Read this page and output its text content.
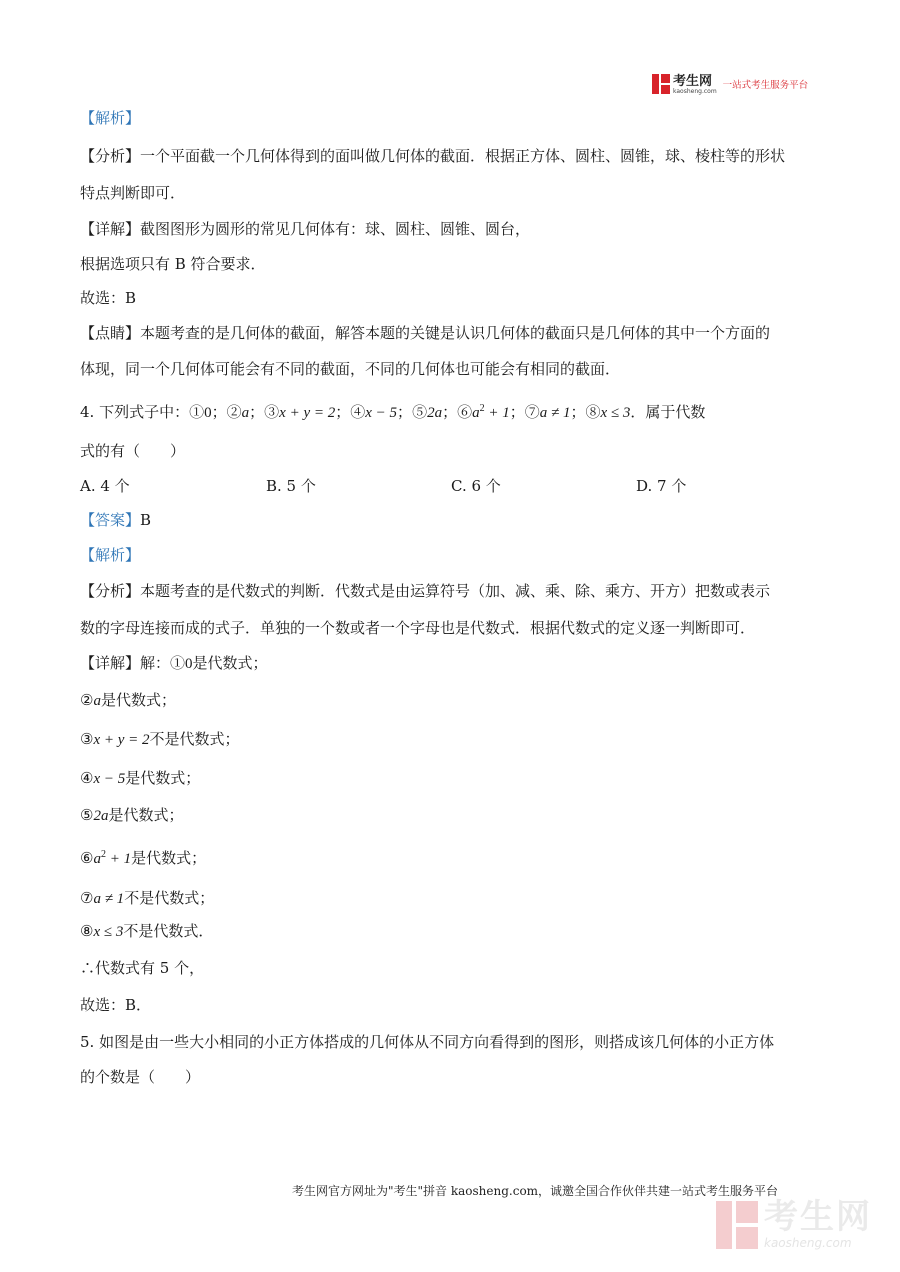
考生网
kaosheng.com
一站式考生服务平台
【解析】
【分析】一个平面截一个几何体得到的面叫做几何体的截面．根据正方体、圆柱、圆锥，球、棱柱等的形状
特点判断即可．
【详解】截图图形为圆形的常见几何体有：球、圆柱、圆锥、圆台，
根据选项只有 B 符合要求．
故选：B
【点睛】本题考查的是几何体的截面，解答本题的关键是认识几何体的截面只是几何体的其中一个方面的
体现，同一个几何体可能会有不同的截面，不同的几何体也可能会有相同的截面．
4. 下列式子中：①0；②a；③x + y = 2；④x − 5；⑤2a；$⑥a^2 + 1$；⑦a ≠ 1；⑧x ≤ 3．属于代数
式的有（　　）
A. 4 个	B. 5 个	C. 6 个	D. 7 个
【答案】B
【解析】
【分析】本题考查的是代数式的判断．代数式是由运算符号（加、减、乘、除、乘方、开方）把数或表示
数的字母连接而成的式子．单独的一个数或者一个字母也是代数式．根据代数式的定义逐一判断即可．
【详解】解：①0是代数式；
②a是代数式；
③x + y = 2不是代数式；
④x − 5是代数式；
⑤2a是代数式；
$⑥a^2 + 1$是代数式；
⑦a ≠ 1不是代数式；
⑧x ≤ 3不是代数式．
∴代数式有 5 个，
故选：B．
5. 如图是由一些大小相同的小正方体搭成的几何体从不同方向看得到的图形，则搭成该几何体的小正方体
的个数是（　　）
考生网官方网址为"考生"拼音 kaosheng.com，诚邀全国合作伙伴共建一站式考生服务平台
考生网
kaosheng.com
